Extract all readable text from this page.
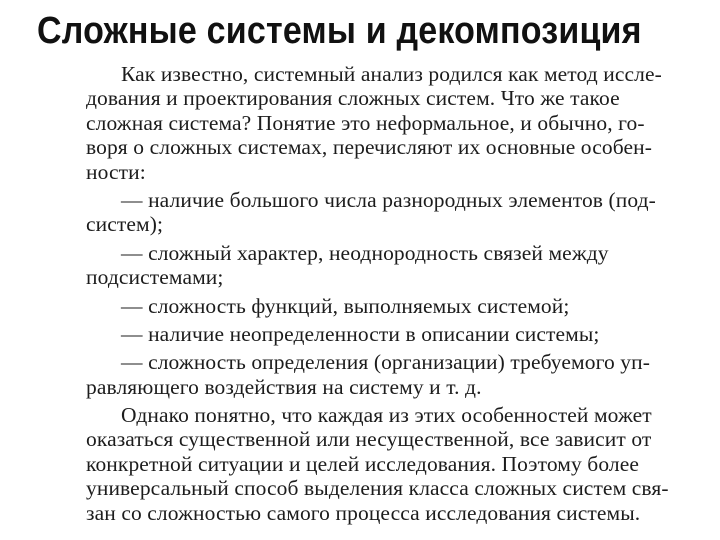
Сложные системы и декомпозиция
Как известно, системный анализ родился как метод иссле-
дования и проектирования сложных систем. Что же такое
сложная система? Понятие это неформальное, и обычно, го-
воря о сложных системах, перечисляют их основные особен-
ности:
— наличие большого числа разнородных элементов (под-
систем);
— сложный характер, неоднородность связей между
подсистемами;
— сложность функций, выполняемых системой;
— наличие неопределенности в описании системы;
— сложность определения (организации) требуемого уп-
равляющего воздействия на систему и т. д.
Однако понятно, что каждая из этих особенностей может
оказаться существенной или несущественной, все зависит от
конкретной ситуации и целей исследования. Поэтому более
универсальный способ выделения класса сложных систем свя-
зан со сложностью самого процесса исследования системы.
